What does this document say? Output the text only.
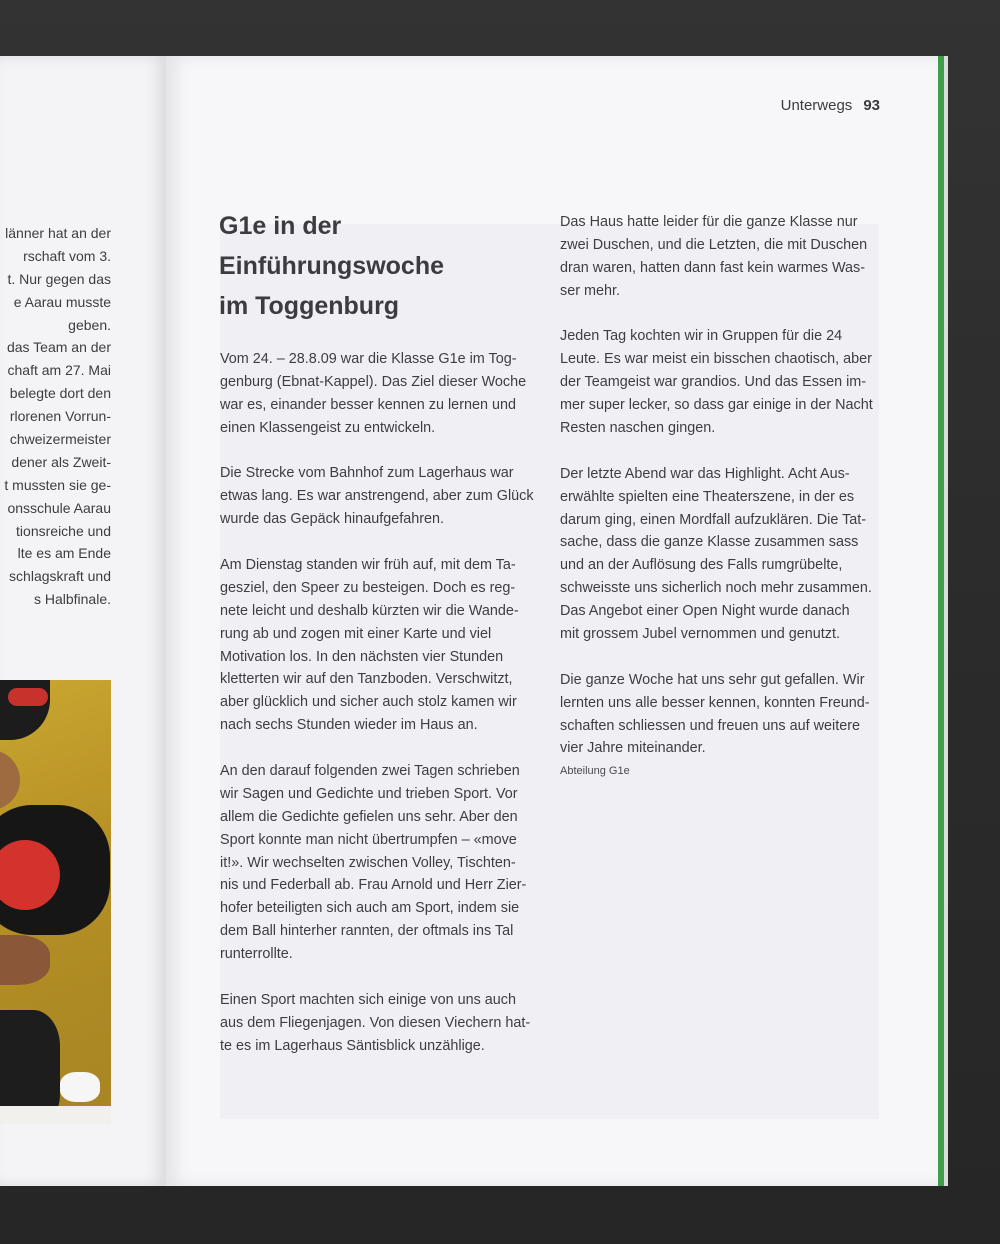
länner hat an der
rschaft vom 3.
t. Nur gegen das
e Aarau musste
geben.
das Team an der
chaft am 27. Mai
belegte dort den
rlorenen Vorrun-
chweizermeister
dener als Zweit-
t mussten sie ge-
onsschule Aarau
tionsreiche und
lte es am Ende
schlagskraft und
s Halbfinale.
Unterwegs 93
G1e in der
Einführungswoche
im Toggenburg
Vom 24. – 28.8.09 war die Klasse G1e im Tog-
genburg (Ebnat-Kappel). Das Ziel dieser Woche
war es, einander besser kennen zu lernen und
einen Klassengeist zu entwickeln.
Die Strecke vom Bahnhof zum Lagerhaus war
etwas lang. Es war anstrengend, aber zum Glück
wurde das Gepäck hinaufgefahren.
Am Dienstag standen wir früh auf, mit dem Ta-
gesziel, den Speer zu besteigen. Doch es reg-
nete leicht und deshalb kürzten wir die Wande-
rung ab und zogen mit einer Karte und viel
Motivation los. In den nächsten vier Stunden
kletterten wir auf den Tanzboden. Verschwitzt,
aber glücklich und sicher auch stolz kamen wir
nach sechs Stunden wieder im Haus an.
An den darauf folgenden zwei Tagen schrieben
wir Sagen und Gedichte und trieben Sport. Vor
allem die Gedichte gefielen uns sehr. Aber den
Sport konnte man nicht übertrumpfen – «move
it!». Wir wechselten zwischen Volley, Tischten-
nis und Federball ab. Frau Arnold und Herr Zier-
hofer beteiligten sich auch am Sport, indem sie
dem Ball hinterher rannten, der oftmals ins Tal
runterrollte.
Einen Sport machten sich einige von uns auch
aus dem Fliegenjagen. Von diesen Viechern hat-
te es im Lagerhaus Säntisblick unzählige.
Das Haus hatte leider für die ganze Klasse nur
zwei Duschen, und die Letzten, die mit Duschen
dran waren, hatten dann fast kein warmes Was-
ser mehr.
Jeden Tag kochten wir in Gruppen für die 24
Leute. Es war meist ein bisschen chaotisch, aber
der Teamgeist war grandios. Und das Essen im-
mer super lecker, so dass gar einige in der Nacht
Resten naschen gingen.
Der letzte Abend war das Highlight. Acht Aus-
erwählte spielten eine Theaterszene, in der es
darum ging, einen Mordfall aufzuklären. Die Tat-
sache, dass die ganze Klasse zusammen sass
und an der Auflösung des Falls rumgrübelte,
schweisste uns sicherlich noch mehr zusammen.
Das Angebot einer Open Night wurde danach
mit grossem Jubel vernommen und genutzt.
Die ganze Woche hat uns sehr gut gefallen. Wir
lernten uns alle besser kennen, konnten Freund-
schaften schliessen und freuen uns auf weitere
vier Jahre miteinander.
Abteilung G1e
